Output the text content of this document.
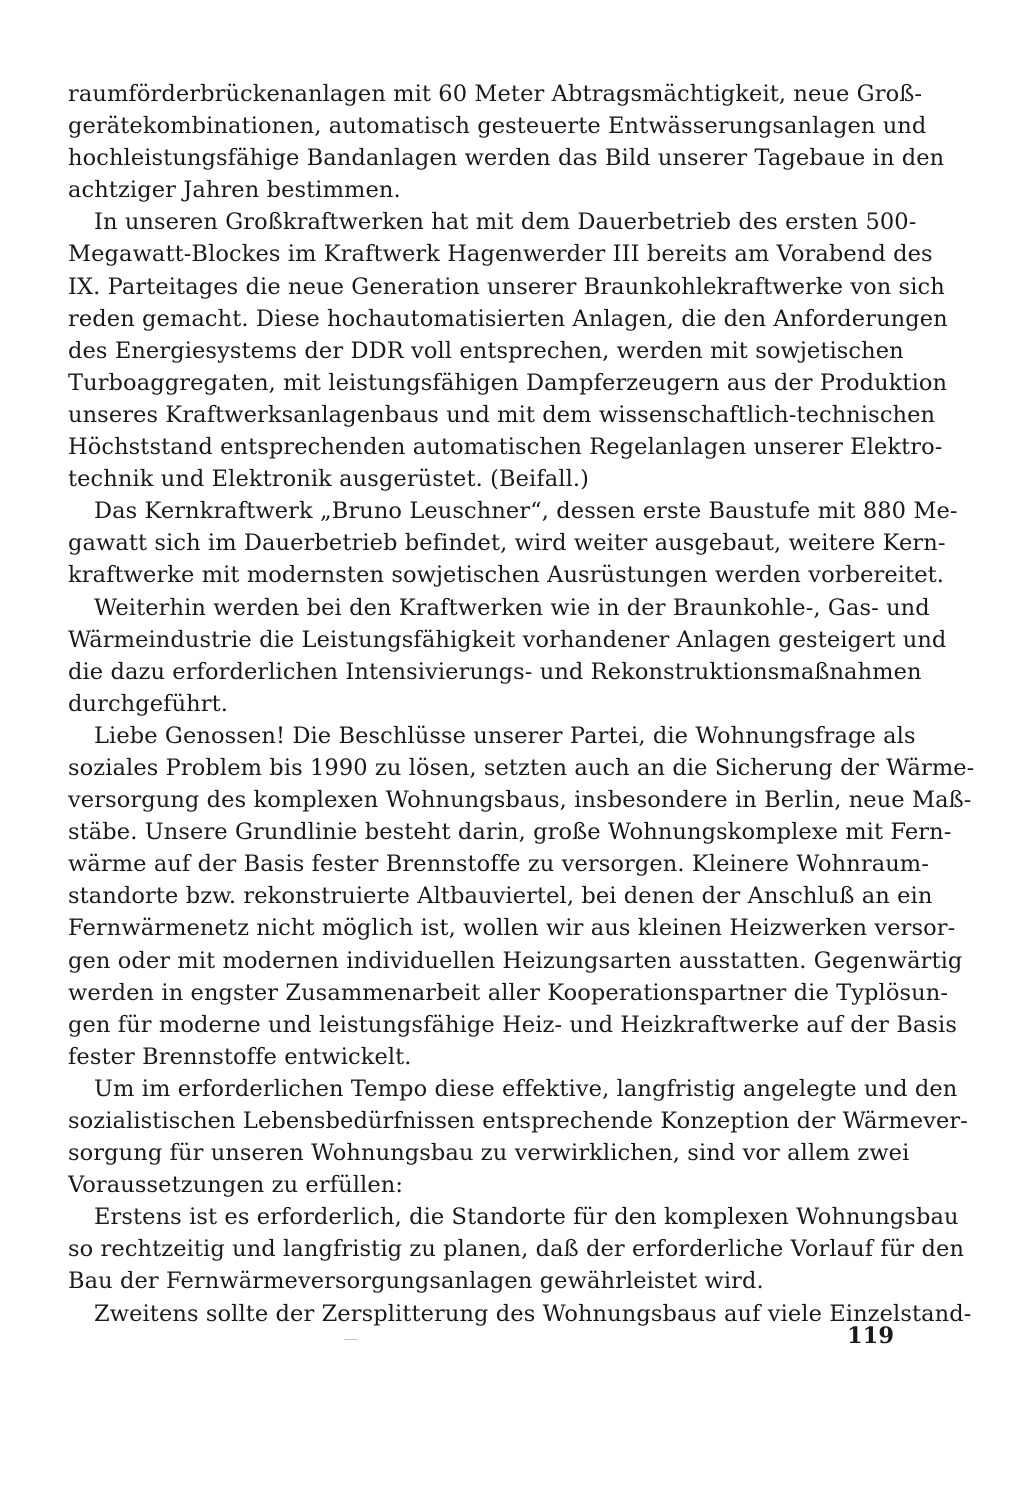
raumförderbrückenanlagen mit 60 Meter Abtragsmächtigkeit, neue Groß-
gerätekombinationen, automatisch gesteuerte Entwässerungsanlagen und
hochleistungsfähige Bandanlagen werden das Bild unserer Tagebaue in den
achtziger Jahren bestimmen.

In unseren Großkraftwerken hat mit dem Dauerbetrieb des ersten 500-
Megawatt-Blockes im Kraftwerk Hagenwerder III bereits am Vorabend des
IX. Parteitages die neue Generation unserer Braunkohlekraftwerke von sich
reden gemacht. Diese hochautomatisierten Anlagen, die den Anforderungen
des Energiesystems der DDR voll entsprechen, werden mit sowjetischen
Turboaggregaten, mit leistungsfähigen Dampferzeugern aus der Produktion
unseres Kraftwerksanlagenbaus und mit dem wissenschaftlich-technischen
Höchststand entsprechenden automatischen Regelanlagen unserer Elektro-
technik und Elektronik ausgerüstet. (Beifall.)

Das Kernkraftwerk „Bruno Leuschner“, dessen erste Baustufe mit 880 Me-
gawatt sich im Dauerbetrieb befindet, wird weiter ausgebaut, weitere Kern-
kraftwerke mit modernsten sowjetischen Ausrüstungen werden vorbereitet.

Weiterhin werden bei den Kraftwerken wie in der Braunkohle-, Gas- und
Wärmeindustrie die Leistungsfähigkeit vorhandener Anlagen gesteigert und
die dazu erforderlichen Intensivierungs- und Rekonstruktionsmaßnahmen
durchgeführt.

Liebe Genossen! Die Beschlüsse unserer Partei, die Wohnungsfrage als
soziales Problem bis 1990 zu lösen, setzten auch an die Sicherung der Wärme-
versorgung des komplexen Wohnungsbaus, insbesondere in Berlin, neue Maß-
stäbe. Unsere Grundlinie besteht darin, große Wohnungskomplexe mit Fern-
wärme auf der Basis fester Brennstoffe zu versorgen. Kleinere Wohnraum-
standorte bzw. rekonstruierte Altbauviertel, bei denen der Anschluß an ein
Fernwärmenetz nicht möglich ist, wollen wir aus kleinen Heizwerken versor-
gen oder mit modernen individuellen Heizungsarten ausstatten. Gegenwärtig
werden in engster Zusammenarbeit aller Kooperationspartner die Typlösun-
gen für moderne und leistungsfähige Heiz- und Heizkraftwerke auf der Basis
fester Brennstoffe entwickelt.

Um im erforderlichen Tempo diese effektive, langfristig angelegte und den
sozialistischen Lebensbedürfnissen entsprechende Konzeption der Wärmever-
sorgung für unseren Wohnungsbau zu verwirklichen, sind vor allem zwei
Voraussetzungen zu erfüllen:

Erstens ist es erforderlich, die Standorte für den komplexen Wohnungsbau
so rechtzeitig und langfristig zu planen, daß der erforderliche Vorlauf für den
Bau der Fernwärmeversorgungsanlagen gewährleistet wird.

Zweitens sollte der Zersplitterung des Wohnungsbaus auf viele Einzelstand-

119
